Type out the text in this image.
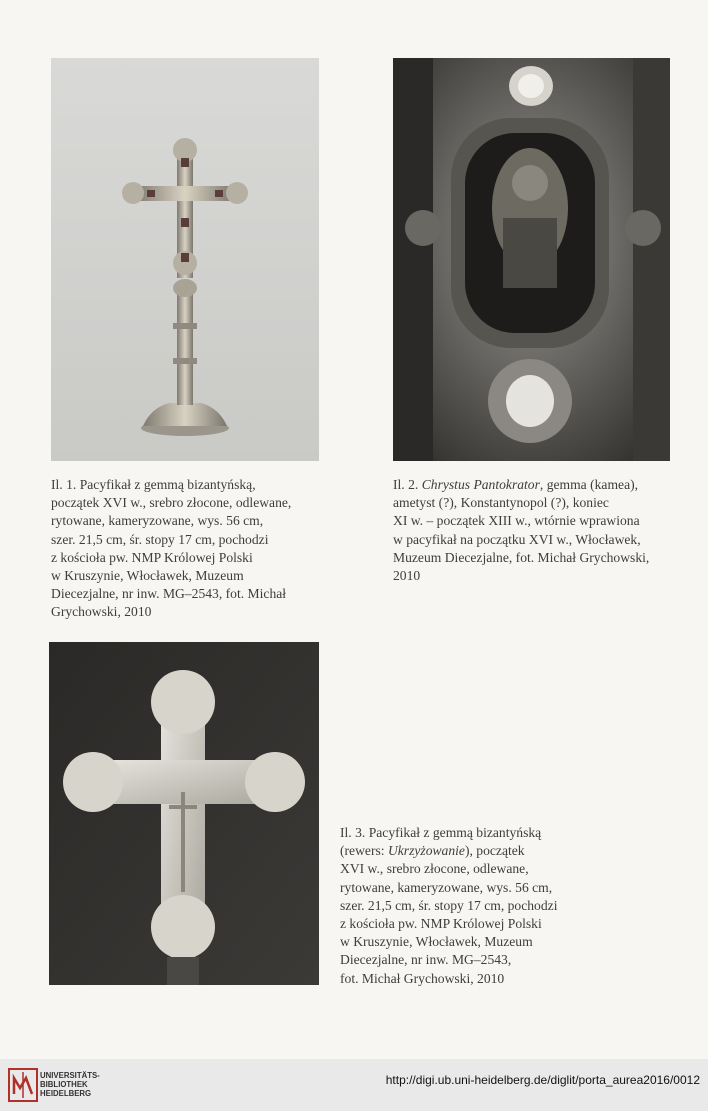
Il. 1. Pacyfikał z gemmą bizantyńską,
początek XVI w., srebro złocone, odlewane,
rytowane, kameryzowane, wys. 56 cm,
szer. 21,5 cm, śr. stopy 17 cm, pochodzi
z kościoła pw. NMP Królowej Polski
w Kruszynie, Włocławek, Muzeum
Diecezjalne, nr inw. MG–2543, fot. Michał
Grychowski, 2010
Il. 2. Chrystus Pantokrator, gemma (kamea),
ametyst (?), Konstantynopol (?), koniec
XI w. – początek XIII w., wtórnie wprawiona
w pacyfikał na początku XVI w., Włocławek,
Muzeum Diecezjalne, fot. Michał Grychowski,
2010
Il. 3. Pacyfikał z gemmą bizantyńską
(rewers: Ukrzyżowanie), początek
XVI w., srebro złocone, odlewane,
rytowane, kameryzowane, wys. 56 cm,
szer. 21,5 cm, śr. stopy 17 cm, pochodzi
z kościoła pw. NMP Królowej Polski
w Kruszynie, Włocławek, Muzeum
Diecezjalne, nr inw. MG–2543,
fot. Michał Grychowski, 2010
UNIVERSITÄTS-
BIBLIOTHEK
HEIDELBERG
http://digi.ub.uni-heidelberg.de/diglit/porta_aurea2016/0012
